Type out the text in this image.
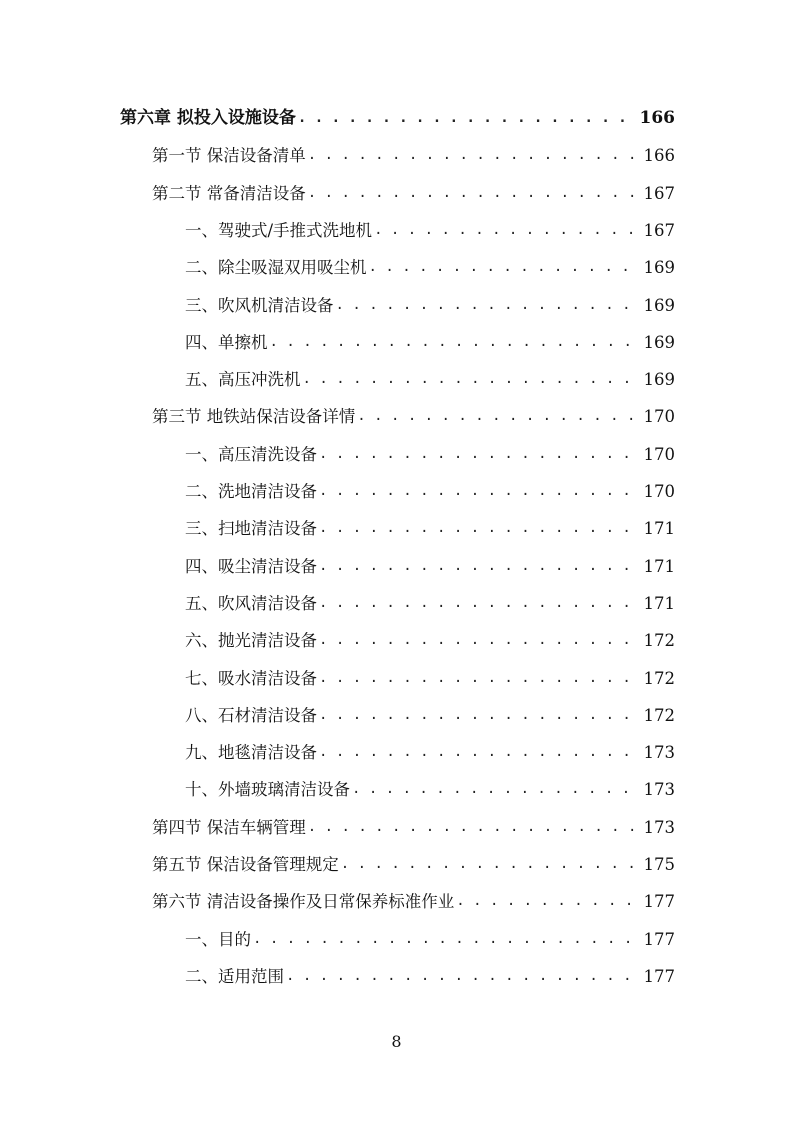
第六章 拟投入设施设备 . . .	166
第一节 保洁设备清单 . . .	166
第二节 常备清洁设备 . . .	167
一、驾驶式/手推式洗地机 . . .	167
二、除尘吸湿双用吸尘机 . . .	169
三、吹风机清洁设备 . . .	169
四、单擦机 . . .	169
五、高压冲洗机 . . .	169
第三节 地铁站保洁设备详情 . . .	170
一、高压清洗设备 . . .	170
二、洗地清洁设备 . . .	170
三、扫地清洁设备 . . .	171
四、吸尘清洁设备 . . .	171
五、吹风清洁设备 . . .	171
六、抛光清洁设备 . . .	172
七、吸水清洁设备 . . .	172
八、石材清洁设备 . . .	172
九、地毯清洁设备 . . .	173
十、外墙玻璃清洁设备 . . .	173
第四节 保洁车辆管理 . . .	173
第五节 保洁设备管理规定 . . .	175
第六节 清洁设备操作及日常保养标准作业 . . .	177
一、目的 . . .	177
二、适用范围 . . .	177
8
